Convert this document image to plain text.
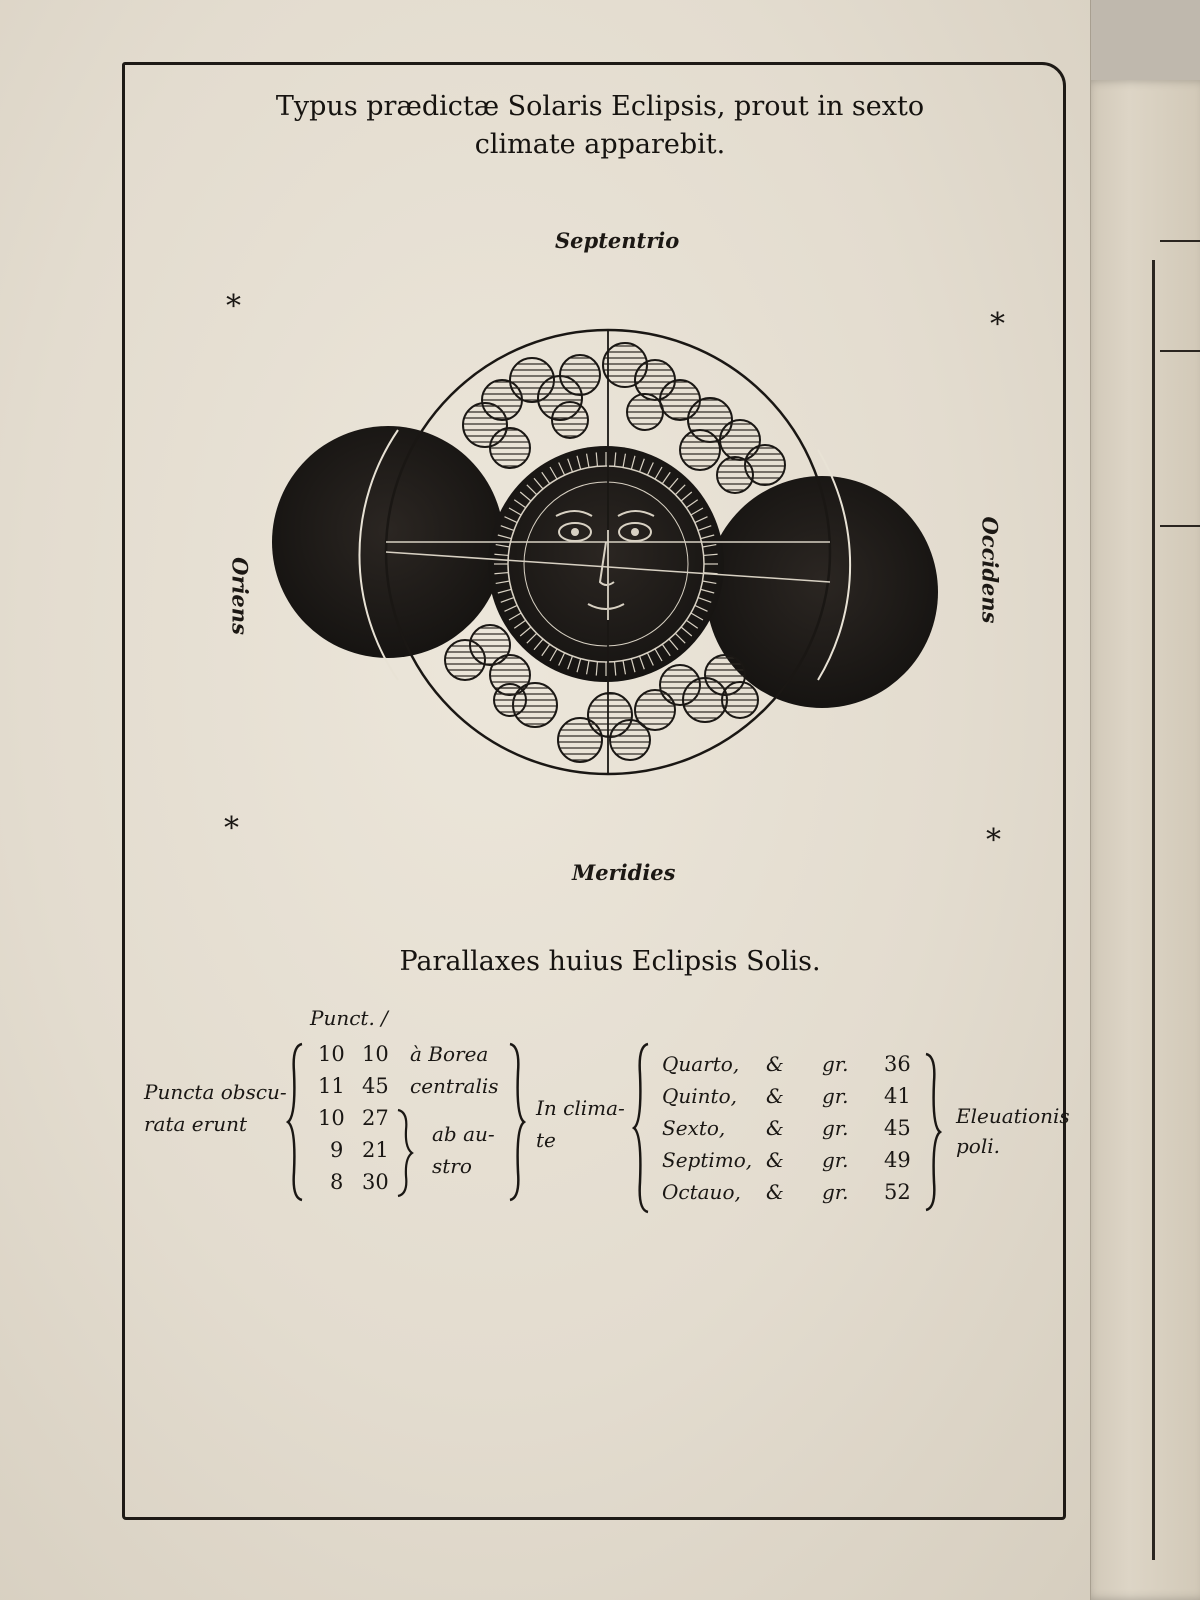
Typus prædictæ Solaris Eclipsis, prout in sexto
climate apparebit.
Septentrio
Meridies
Oriens	Occidens
*
*
*	*
Parallaxes huius Eclipsis Solis.
Punct. /
Puncta obscu-
rata erunt
10 10
11 45
10 27
9 21
8 30
à Borea
centralis
ab au-
stro
In clima-
te
Quarto, & gr. 36
Quinto, & gr. 41
Sexto, & gr. 45
Septimo, & gr. 49
Octauo, & gr. 52
Eleuationis
poli.
